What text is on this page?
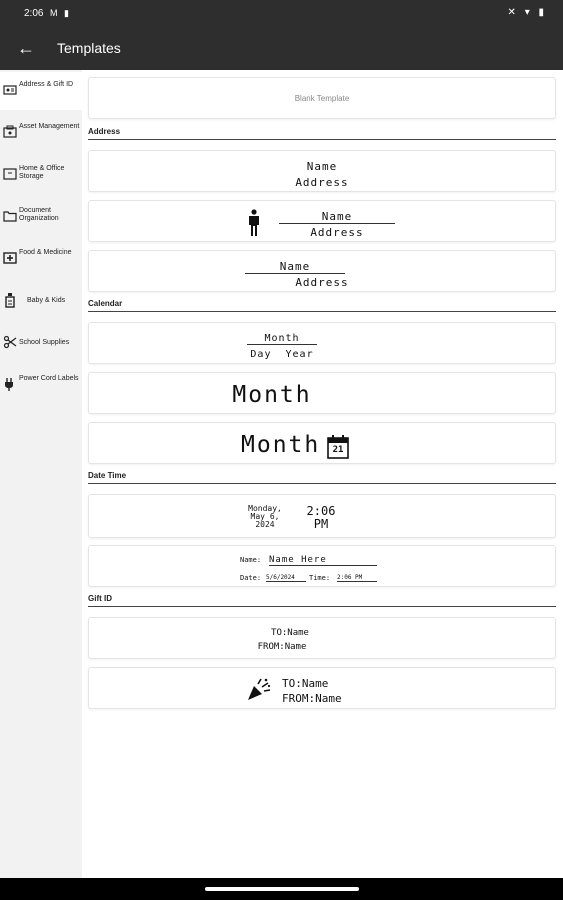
2:06 M ▮	✕ ▾ ▮
← Templates
Address & Gift ID
Asset Management
Home & Office Storage
Document Organization
Food & Medicine
Baby & Kids
School Supplies
Power Cord Labels
Blank Template
Address
Name
Address
Name
Address
Name
Address
Calendar
Month
Day  Year
Month
Month	21
Date Time
Monday,
May 6,
2024
2:06
PM
Name: Name Here
Date: 5/6/2024	Time: 2:06 PM
Gift ID
TO:Name
FROM:Name
TO:Name
FROM:Name
